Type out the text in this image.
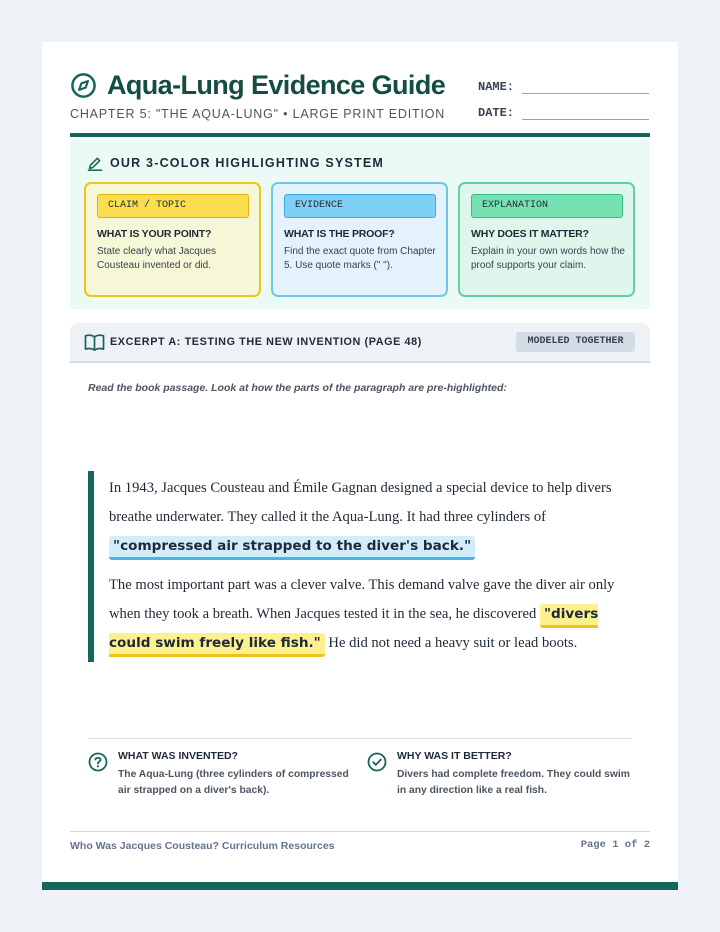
Aqua-Lung Evidence Guide
CHAPTER 5: "THE AQUA-LUNG" • LARGE PRINT EDITION
NAME:
DATE:
OUR 3-COLOR HIGHLIGHTING SYSTEM
CLAIM / TOPIC
WHAT IS YOUR POINT?
State clearly what Jacques Cousteau invented or did.
EVIDENCE
WHAT IS THE PROOF?
Find the exact quote from Chapter 5. Use quote marks (" ").
EXPLANATION
WHY DOES IT MATTER?
Explain in your own words how the proof supports your claim.
EXCERPT A: TESTING THE NEW INVENTION (PAGE 48)	MODELED TOGETHER
Read the book passage. Look at how the parts of the paragraph are pre-highlighted:

In 1943, Jacques Cousteau and Émile Gagnan designed a special device to help divers breathe underwater. They called it the Aqua-Lung. It had three cylinders of "compressed air strapped to the diver's back."

The most important part was a clever valve. This demand valve gave the diver air only when they took a breath. When Jacques tested it in the sea, he discovered "divers could swim freely like fish." He did not need a heavy suit or lead boots.

WHAT WAS INVENTED?
The Aqua-Lung (three cylinders of compressed air strapped on a diver's back).
WHY WAS IT BETTER?
Divers had complete freedom. They could swim in any direction like a real fish.
Who Was Jacques Cousteau? Curriculum Resources	Page 1 of 2
